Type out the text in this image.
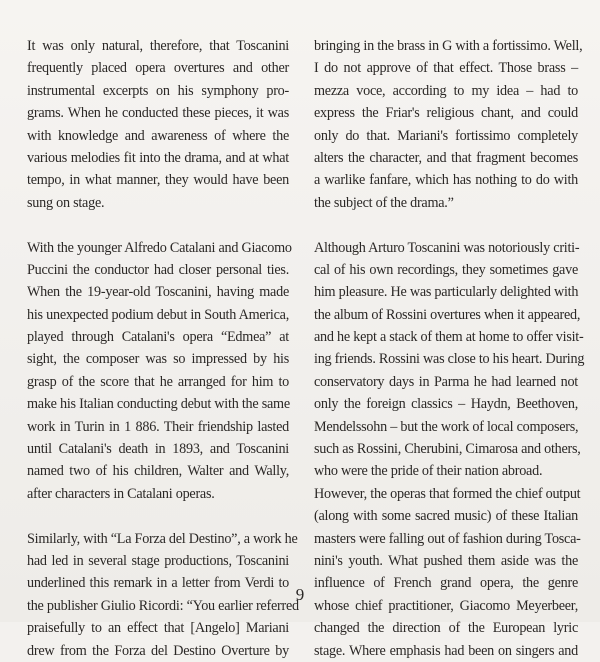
It was only natural, therefore, that Toscanini
frequently placed opera overtures and other
instrumental excerpts on his symphony pro-
grams. When he conducted these pieces, it was
with knowledge and awareness of where the
various melodies fit into the drama, and at what
tempo, in what manner, they would have been
sung on stage.
With the younger Alfredo Catalani and Giacomo
Puccini the conductor had closer personal ties.
When the 19-year-old Toscanini, having made
his unexpected podium debut in South America,
played through Catalani's opera “Edmea” at
sight, the composer was so impressed by his
grasp of the score that he arranged for him to
make his Italian conducting debut with the same
work in Turin in 1 886. Their friendship lasted
until Catalani's death in 1893, and Toscanini
named two of his children, Walter and Wally,
after characters in Catalani operas.
Similarly, with “La Forza del Destino”, a work he
had led in several stage productions, Toscanini
underlined this remark in a letter from Verdi to
the publisher Giulio Ricordi: “You earlier referred
praisefully to an effect that [Angelo] Mariani
drew from the Forza del Destino Overture by
bringing in the brass in G with a fortissimo. Well,
I do not approve of that effect. Those brass –
mezza voce, according to my idea – had to
express the Friar's religious chant, and could
only do that. Mariani's fortissimo completely
alters the character, and that fragment becomes
a warlike fanfare, which has nothing to do with
the subject of the drama.”
Although Arturo Toscanini was notoriously criti-
cal of his own recordings, they sometimes gave
him pleasure. He was particularly delighted with
the album of Rossini overtures when it appeared,
and he kept a stack of them at home to offer visit-
ing friends. Rossini was close to his heart. During
conservatory days in Parma he had learned not
only the foreign classics – Haydn, Beethoven,
Mendelssohn – but the work of local composers,
such as Rossini, Cherubini, Cimarosa and others,
who were the pride of their nation abroad.
However, the operas that formed the chief output
(along with some sacred music) of these Italian
masters were falling out of fashion during Tosca-
nini's youth. What pushed them aside was the
influence of French grand opera, the genre
whose chief practitioner, Giacomo Meyerbeer,
changed the direction of the European lyric
stage. Where emphasis had been on singers and
9
